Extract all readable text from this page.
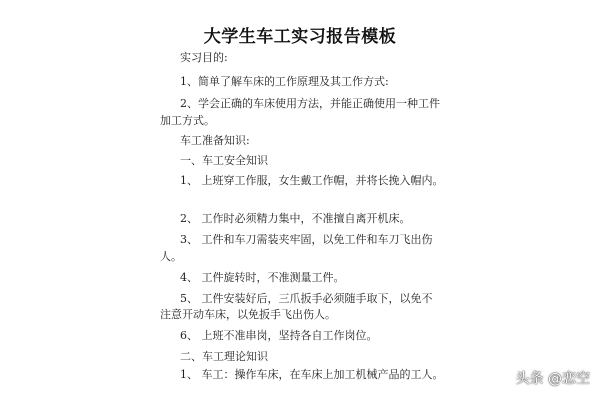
大学生车工实习报告模板
实习目的:
1、简单了解车床的工作原理及其工作方式:
2、学会正确的车床使用方法，并能正确使用一种工件
加工方式。
车工准备知识:
一、车工安全知识
1、 上班穿工作服，女生戴工作帽，并将长挽入帽内。
2、 工作时必须精力集中，不准擅自离开机床。
3、 工件和车刀需装夹牢固，以免工件和车刀飞出伤
人。
4、 工件旋转时，不准测量工件。
5、 工件安装好后，三爪扳手必须随手取下，以免不
注意开动车床，以免扳手飞出伤人。
6、 上班不准串岗，坚持各自工作岗位。
二、车工理论知识
1、 车工：操作车床，在车床上加工机械产品的工人。	头条 @恋空
